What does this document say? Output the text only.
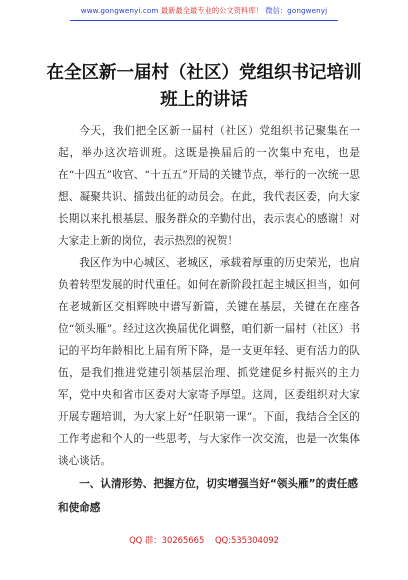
www.gongwenyi.com 最新最全最专业的公文资料库！ 微信：gongwenyj
在全区新一届村（社区）党组织书记培训班上的讲话

今天，我们把全区新一届村（社区）党组织书记聚集在一起，举办这次培训班。这既是换届后的一次集中充电，也是在“十四五”收官、“十五五”开局的关键节点，举行的一次统一思想、凝聚共识、擂鼓出征的动员会。在此，我代表区委，向大家长期以来扎根基层、服务群众的辛勤付出，表示衷心的感谢！对大家走上新的岗位，表示热烈的祝贺！

我区作为中心城区、老城区，承载着厚重的历史荣光，也肩负着转型发展的时代重任。如何在新阶段扛起主城区担当，如何在老城新区交相辉映中谱写新篇，关键在基层，关键在在座各位“领头雁”。经过这次换届优化调整，咱们新一届村（社区）书记的平均年龄相比上届有所下降，是一支更年轻、更有活力的队伍，是我们推进党建引领基层治理、抓党建促乡村振兴的主力军，党中央和省市区委对大家寄予厚望。这周，区委组织对大家开展专题培训，为大家上好“任职第一课”。下面，我结合全区的工作考虑和个人的一些思考，与大家作一次交流，也是一次集体谈心谈话。

一、认清形势、把握方位，切实增强当好“领头雁”的责任感和使命感

QQ 群：30265665 QQ:535304092
